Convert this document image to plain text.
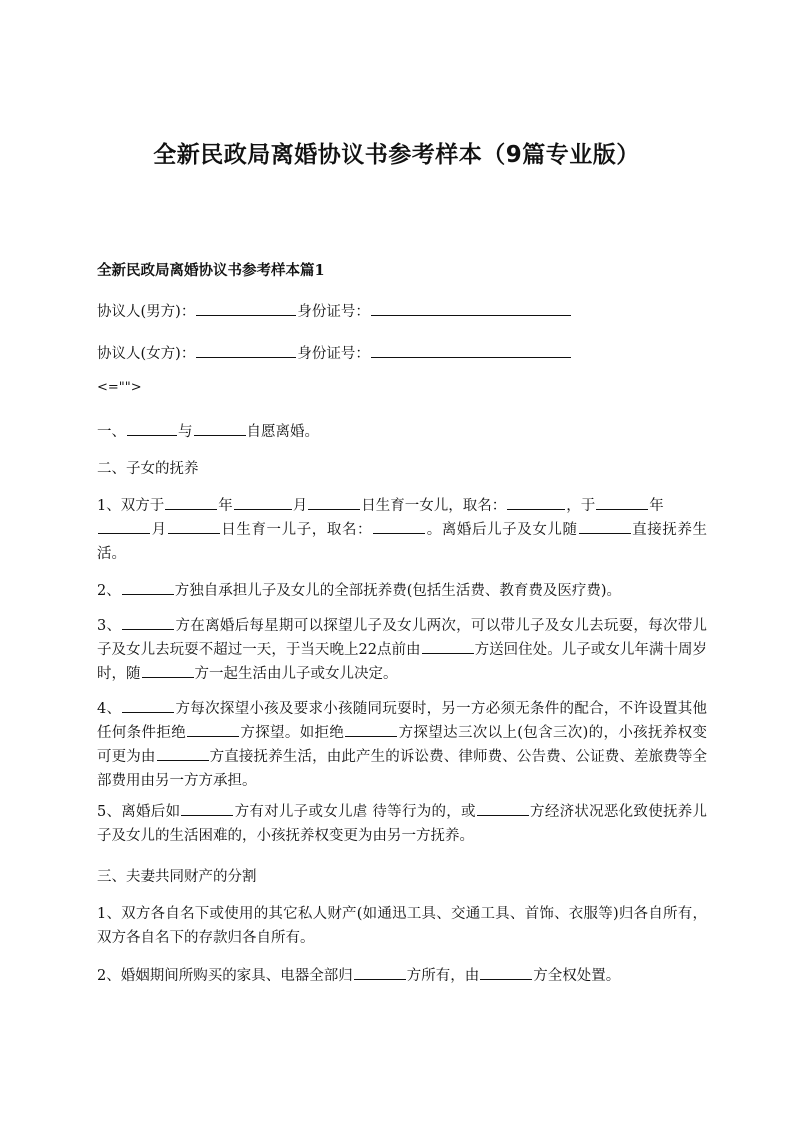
全新民政局离婚协议书参考样本（9篇专业版）
全新民政局离婚协议书参考样本篇1
协议人(男方)：	身份证号：
协议人(女方)：	身份证号：
<="">
一、	与	自愿离婚。
二、子女的抚养
1、双方于	年	月	日生育一女儿，取名：	，于	年
月	日生育一儿子，取名：	。离婚后儿子及女儿随	直接抚养生活。
2、	方独自承担儿子及女儿的全部抚养费(包括生活费、教育费及医疗费)。
3、	方在离婚后每星期可以探望儿子及女儿两次，可以带儿子及女儿去玩耍，每次带儿子及女儿去玩耍不超过一天，于当天晚上22点前由	方送回住处。儿子或女儿年满十周岁时，随	方一起生活由儿子或女儿决定。
4、	方每次探望小孩及要求小孩随同玩耍时，另一方必须无条件的配合，不许设置其他任何条件拒绝	方探望。如拒绝	方探望达三次以上(包含三次)的，小孩抚养权变可更为由	方直接抚养生活，由此产生的诉讼费、律师费、公告费、公证费、差旅费等全部费用由另一方方承担。
5、离婚后如	方有对儿子或女儿虐 待等行为的，或	方经济状况恶化致使抚养儿子及女儿的生活困难的，小孩抚养权变更为由另一方抚养。
三、夫妻共同财产的分割
1、双方各自名下或使用的其它私人财产(如通迅工具、交通工具、首饰、衣服等)归各自所有，双方各自名下的存款归各自所有。
2、婚姻期间所购买的家具、电器全部归	方所有，由	方全权处置。
